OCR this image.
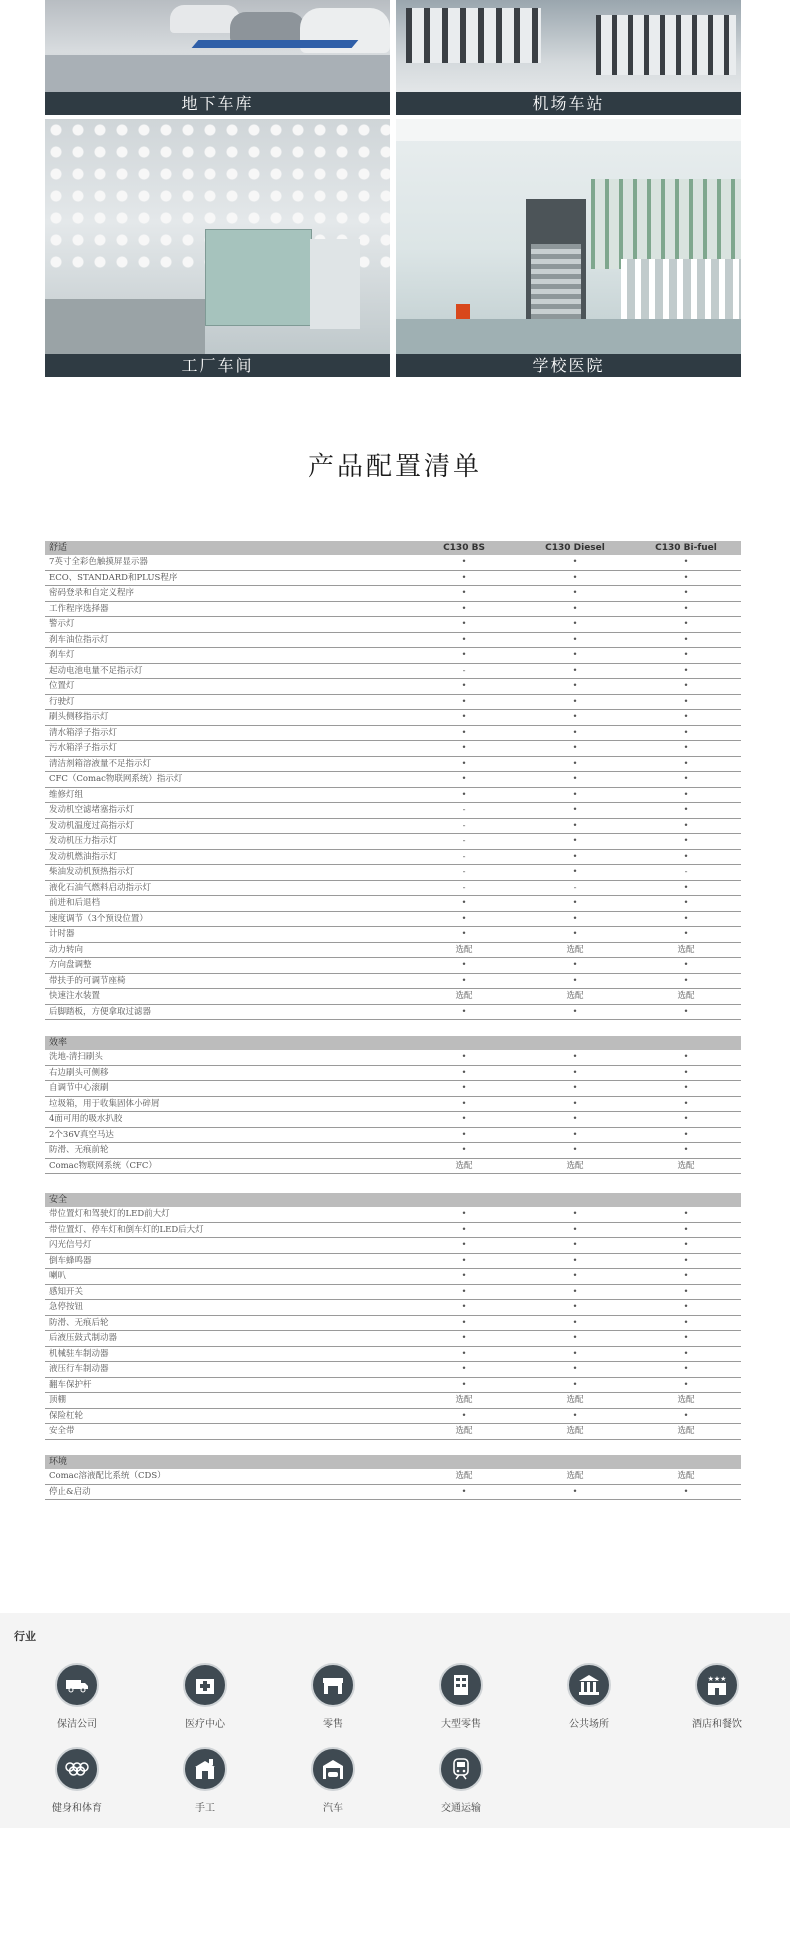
地下车库	机场车站
工厂车间	学校医院
产品配置清单
舒适	C130 BS	C130 Diesel	C130 Bi-fuel
7英寸全彩色触摸屏显示器	•	•	•
ECO、STANDARD和PLUS程序	•	•	•
密码登录和自定义程序	•	•	•
工作程序选择器	•	•	•
警示灯	•	•	•
刹车油位指示灯	•	•	•
刹车灯	•	•	•
起动电池电量不足指示灯	-	•	•
位置灯	•	•	•
行驶灯	•	•	•
刷头侧移指示灯	•	•	•
清水箱浮子指示灯	•	•	•
污水箱浮子指示灯	•	•	•
清洁剂箱溶液量不足指示灯	•	•	•
CFC（Comac物联网系统）指示灯	•	•	•
维修灯组	•	•	•
发动机空滤堵塞指示灯	-	•	•
发动机温度过高指示灯	-	•	•
发动机压力指示灯	-	•	•
发动机燃油指示灯	-	•	•
柴油发动机预热指示灯	-	•	-
液化石油气燃料启动指示灯	-	-	•
前进和后退档	•	•	•
速度调节（3个预设位置）	•	•	•
计时器	•	•	•
动力转向	选配	选配	选配
方向盘调整	•	•	•
带扶手的可调节座椅	•	•	•
快速注水装置	选配	选配	选配
后脚踏板，方便拿取过滤器	•	•	•
效率
洗地-清扫刷头	•	•	•
右边刷头可侧移	•	•	•
自调节中心滚刷	•	•	•
垃圾箱，用于收集固体小碎屑	•	•	•
4面可用的吸水扒胶	•	•	•
2个36V真空马达	•	•	•
防滑、无痕前轮	•	•	•
Comac物联网系统（CFC）	选配	选配	选配
安全
带位置灯和驾驶灯的LED前大灯	•	•	•
带位置灯、停车灯和倒车灯的LED后大灯	•	•	•
闪光信号灯	•	•	•
倒车蜂鸣器	•	•	•
喇叭	•	•	•
感知开关	•	•	•
急停按钮	•	•	•
防滑、无痕后轮	•	•	•
后液压鼓式制动器	•	•	•
机械驻车制动器	•	•	•
液压行车制动器	•	•	•
翻车保护杆	•	•	•
顶棚	选配	选配	选配
保险杠轮	•	•	•
安全带	选配	选配	选配
环境
Comac溶液配比系统（CDS）	选配	选配	选配
停止&启动	•	•	•
行业
保洁公司	医疗中心	零售	大型零售	公共场所
★★★
酒店和餐饮
健身和体育	手工	汽车	交通运输
